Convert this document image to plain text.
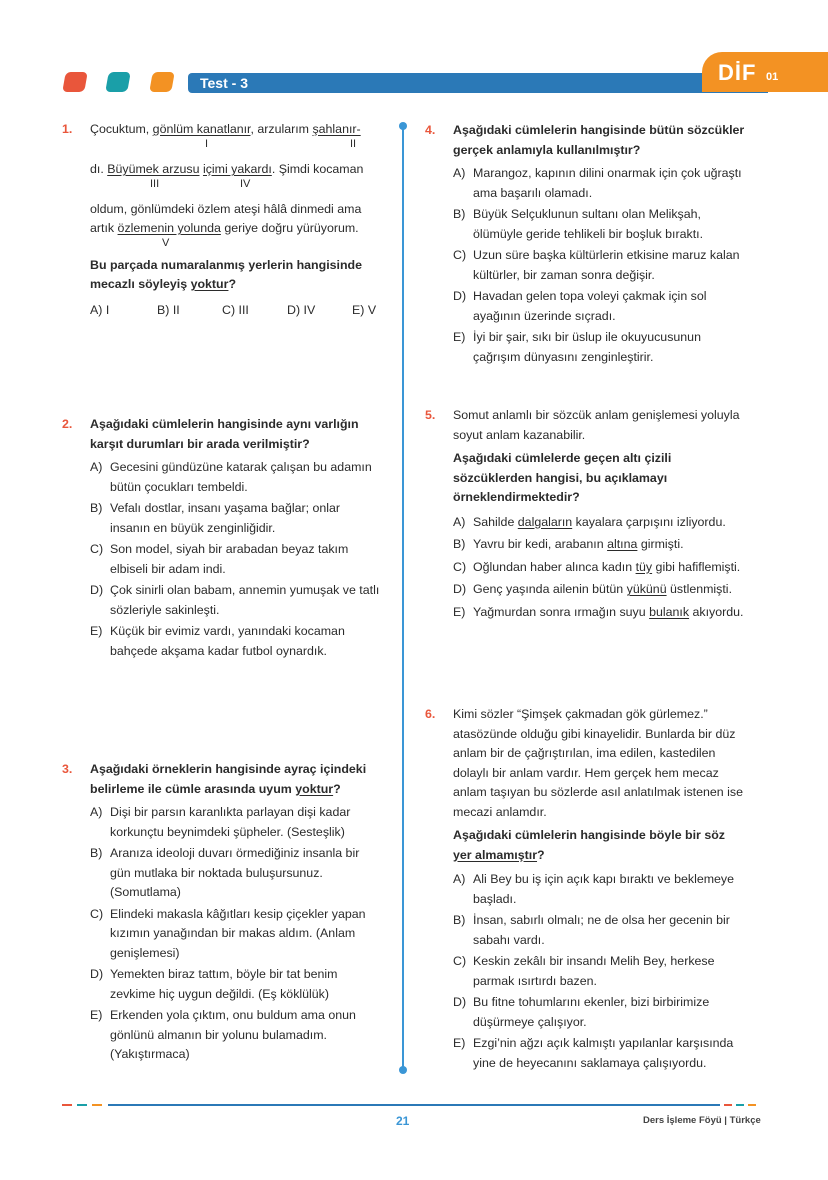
Test - 3	DİF 01
1. Çocuktum, gönlüm kanatlanır, arzularım şahlanır-
I	II
dı. Büyümek arzusu içimi yakardı. Şimdi kocaman
III	IV
oldum, gönlümdeki özlem ateşi hâlâ dinmedi ama
artık özlemenin yolunda geriye doğru yürüyorum.
V
Bu parçada numaralanmış yerlerin hangisinde
mecazlı söyleyiş yoktur?
A) I	B) II	C) III	D) IV	E) V
2. Aşağıdaki cümlelerin hangisinde aynı varlığın karşıt durumları bir arada verilmiştir?
A) Gecesini gündüzüne katarak çalışan bu adamın bütün çocukları tembeldi.
B) Vefalı dostlar, insanı yaşama bağlar; onlar insanın en büyük zenginliğidir.
C) Son model, siyah bir arabadan beyaz takım elbiseli bir adam indi.
D) Çok sinirli olan babam, annemin yumuşak ve tatlı sözleriyle sakinleşti.
E) Küçük bir evimiz vardı, yanındaki kocaman bahçede akşama kadar futbol oynardık.
3. Aşağıdaki örneklerin hangisinde ayraç içindeki belirleme ile cümle arasında uyum yoktur?
A) Dişi bir parsın karanlıkta parlayan dişi kadar korkunçtu beynimdeki şüpheler. (Sesteşlik)
B) Aranıza ideoloji duvarı örmediğiniz insanla bir gün mutlaka bir noktada buluşursunuz. (Somutlama)
C) Elindeki makasla kâğıtları kesip çiçekler yapan kızımın yanağından bir makas aldım. (Anlam genişlemesi)
D) Yemekten biraz tattım, böyle bir tat benim zevkime hiç uygun değildi. (Eş köklülük)
E) Erkenden yola çıktım, onu buldum ama onun gönlünü almanın bir yolunu bulamadım. (Yakıştırmaca)
4. Aşağıdaki cümlelerin hangisinde bütün sözcükler gerçek anlamıyla kullanılmıştır?
A) Marangoz, kapının dilini onarmak için çok uğraştı ama başarılı olamadı.
B) Büyük Selçuklunun sultanı olan Melikşah, ölümüyle geride tehlikeli bir boşluk bıraktı.
C) Uzun süre başka kültürlerin etkisine maruz kalan kültürler, bir zaman sonra değişir.
D) Havadan gelen topa voleyi çakmak için sol ayağının üzerinde sıçradı.
E) İyi bir şair, sıkı bir üslup ile okuyucusunun çağrışım dünyasını zenginleştirir.
5. Somut anlamlı bir sözcük anlam genişlemesi yoluyla soyut anlam kazanabilir.
Aşağıdaki cümlelerde geçen altı çizili sözcüklerden hangisi, bu açıklamayı örneklendirmektedir?
A) Sahilde dalgaların kayalara çarpışını izliyordu.
B) Yavru bir kedi, arabanın altına girmişti.
C) Oğlundan haber alınca kadın tüy gibi hafiflemişti.
D) Genç yaşında ailenin bütün yükünü üstlenmişti.
E) Yağmurdan sonra ırmağın suyu bulanık akıyordu.
6. Kimi sözler “Şimşek çakmadan gök gürlemez.” atasözünde olduğu gibi kinayelidir. Bunlarda bir düz anlam bir de çağrıştırılan, ima edilen, kastedilen dolaylı bir anlam vardır. Hem gerçek hem mecaz anlam taşıyan bu sözlerde asıl anlatılmak istenen ise mecazi anlamdır.
Aşağıdaki cümlelerin hangisinde böyle bir söz yer almamıştır?
A) Ali Bey bu iş için açık kapı bıraktı ve beklemeye başladı.
B) İnsan, sabırlı olmalı; ne de olsa her gecenin bir sabahı vardı.
C) Keskin zekâlı bir insandı Melih Bey, herkese parmak ısırtırdı bazen.
D) Bu fitne tohumlarını ekenler, bizi birbirimize düşürmeye çalışıyor.
E) Ezgi’nin ağzı açık kalmıştı yapılanlar karşısında yine de heyecanını saklamaya çalışıyordu.
21	Ders İşleme Föyü | Türkçe
